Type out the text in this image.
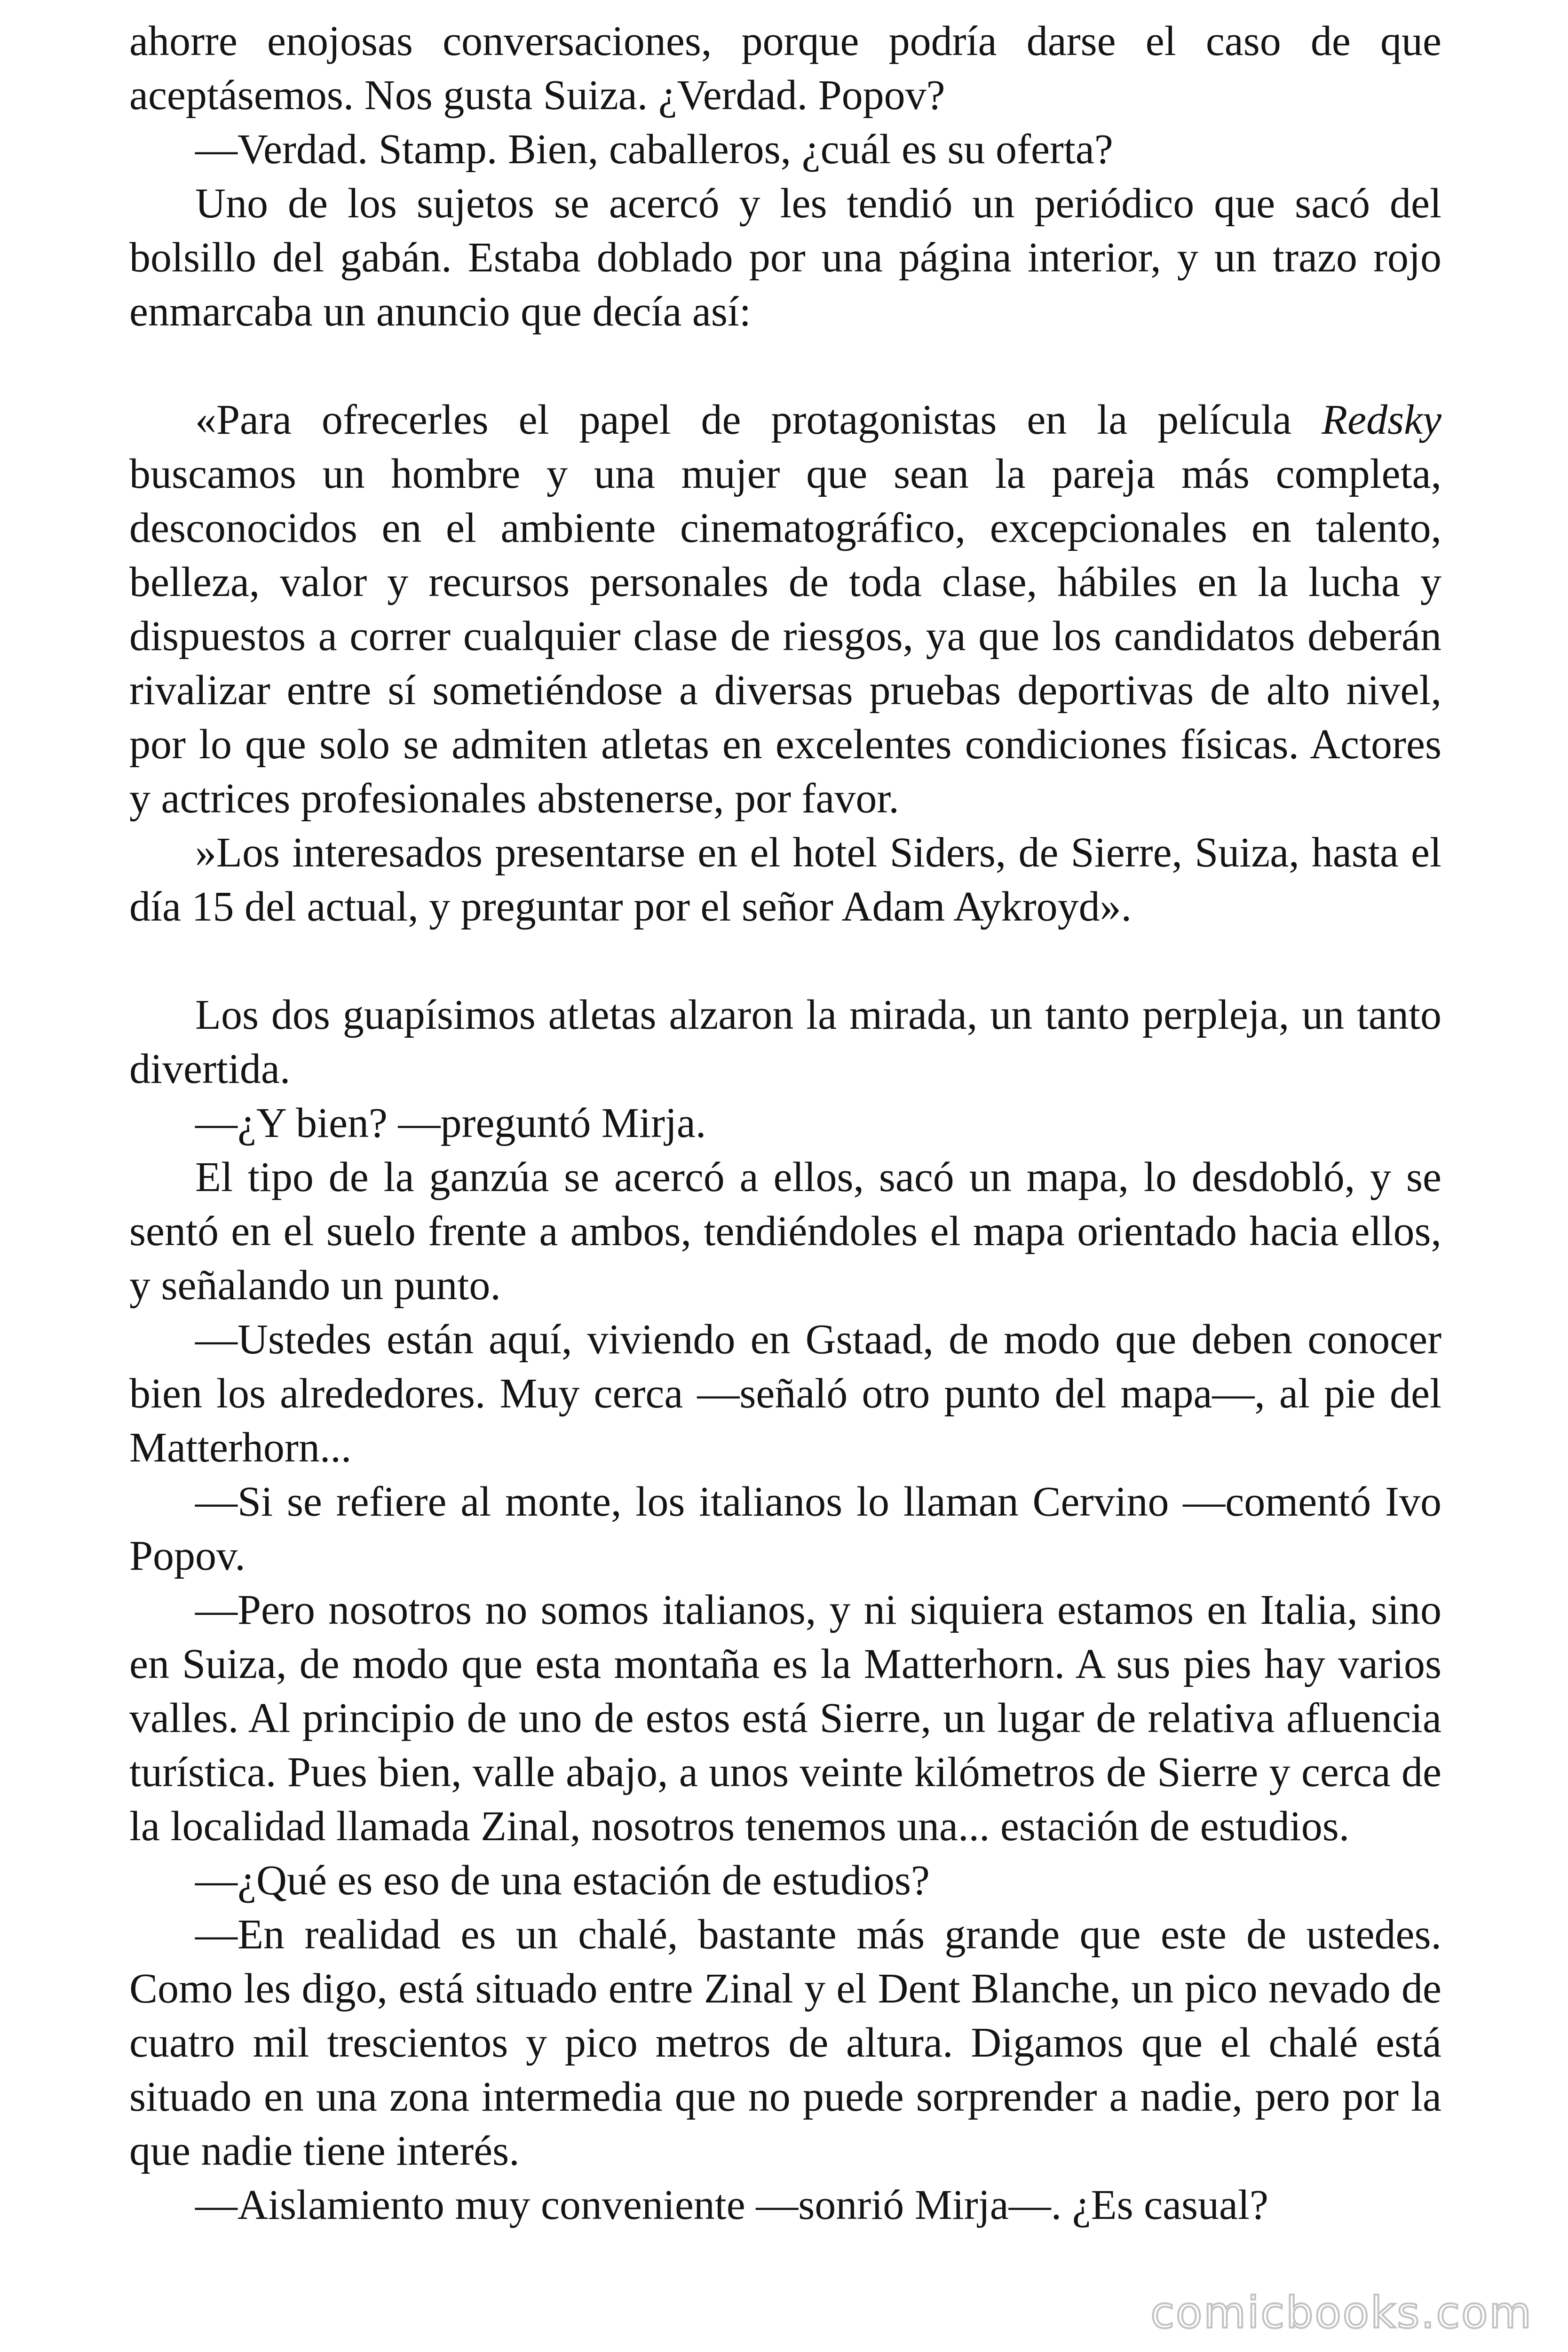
ahorre enojosas conversaciones, porque podría darse el caso de que aceptásemos. Nos gusta Suiza. ¿Verdad. Popov?

—Verdad. Stamp. Bien, caballeros, ¿cuál es su oferta?

Uno de los sujetos se acercó y les tendió un periódico que sacó del bolsillo del gabán. Estaba doblado por una página interior, y un trazo rojo enmarcaba un anuncio que decía así:

«Para ofrecerles el papel de protagonistas en la película Redsky buscamos un hombre y una mujer que sean la pareja más completa, desconocidos en el ambiente cinematográfico, excepcionales en talento, belleza, valor y recursos personales de toda clase, hábiles en la lucha y dispuestos a correr cualquier clase de riesgos, ya que los candidatos deberán rivalizar entre sí sometiéndose a diversas pruebas deportivas de alto nivel, por lo que solo se admiten atletas en excelentes condiciones físicas. Actores y actrices profesionales abstenerse, por favor.

»Los interesados presentarse en el hotel Siders, de Sierre, Suiza, hasta el día 15 del actual, y preguntar por el señor Adam Aykroyd».

Los dos guapísimos atletas alzaron la mirada, un tanto perpleja, un tanto divertida.

—¿Y bien? —preguntó Mirja.

El tipo de la ganzúa se acercó a ellos, sacó un mapa, lo desdobló, y se sentó en el suelo frente a ambos, tendiéndoles el mapa orientado hacia ellos, y señalando un punto.

—Ustedes están aquí, viviendo en Gstaad, de modo que deben conocer bien los alrededores. Muy cerca —señaló otro punto del mapa—, al pie del Matterhorn...

—Si se refiere al monte, los italianos lo llaman Cervino —comentó Ivo Popov.

—Pero nosotros no somos italianos, y ni siquiera estamos en Italia, sino en Suiza, de modo que esta montaña es la Matterhorn. A sus pies hay varios valles. Al principio de uno de estos está Sierre, un lugar de relativa afluencia turística. Pues bien, valle abajo, a unos veinte kilómetros de Sierre y cerca de la localidad llamada Zinal, nosotros tenemos una... estación de estudios.

—¿Qué es eso de una estación de estudios?

—En realidad es un chalé, bastante más grande que este de ustedes. Como les digo, está situado entre Zinal y el Dent Blanche, un pico nevado de cuatro mil trescientos y pico metros de altura. Digamos que el chalé está situado en una zona intermedia que no puede sorprender a nadie, pero por la que nadie tiene interés.

—Aislamiento muy conveniente —sonrió Mirja—. ¿Es casual?

comicbooks.com
